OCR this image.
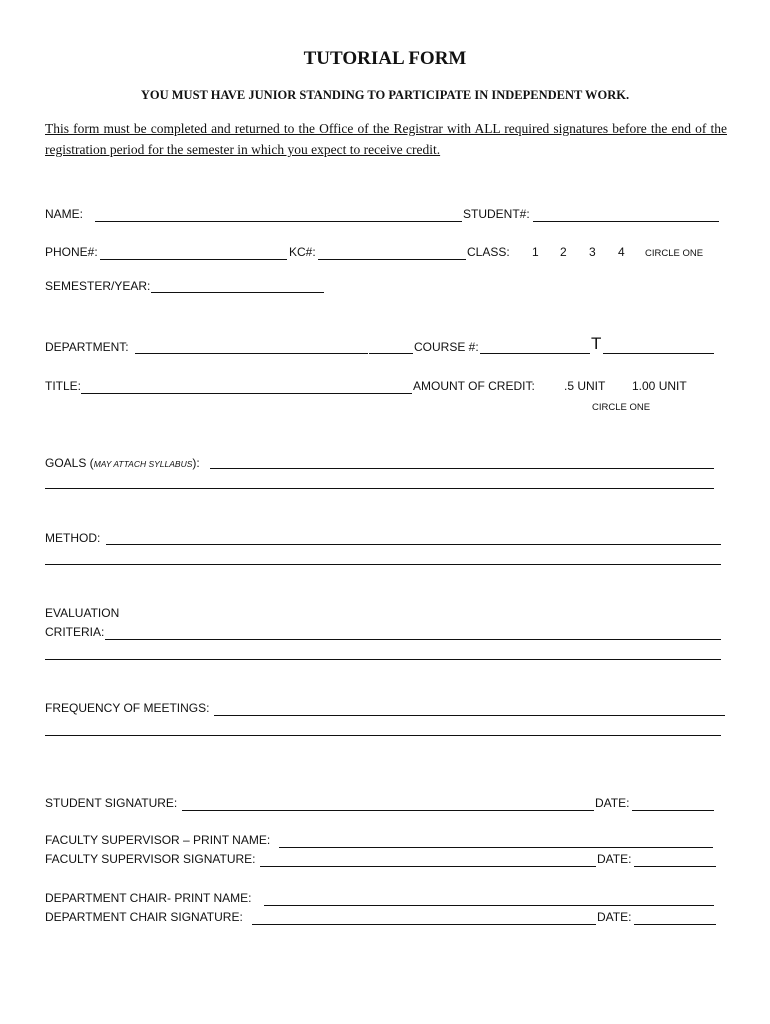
TUTORIAL FORM
YOU MUST HAVE JUNIOR STANDING TO PARTICIPATE IN INDEPENDENT WORK.
This form must be completed and returned to the Office of the Registrar with ALL required signatures before the end of the registration period for the semester in which you expect to receive credit.
NAME:	STUDENT#:
PHONE#:	KC#:	CLASS: 1 2 3 4 CIRCLE ONE
SEMESTER/YEAR:
DEPARTMENT:	COURSE #:	T
TITLE:	AMOUNT OF CREDIT: .5 UNIT 1.00 UNIT
CIRCLE ONE
GOALS (MAY ATTACH SYLLABUS):
METHOD:
EVALUATION
CRITERIA:
FREQUENCY OF MEETINGS:
STUDENT SIGNATURE:	DATE:
FACULTY SUPERVISOR – PRINT NAME:
FACULTY SUPERVISOR SIGNATURE:	DATE:
DEPARTMENT CHAIR- PRINT NAME:
DEPARTMENT CHAIR SIGNATURE:	DATE:
